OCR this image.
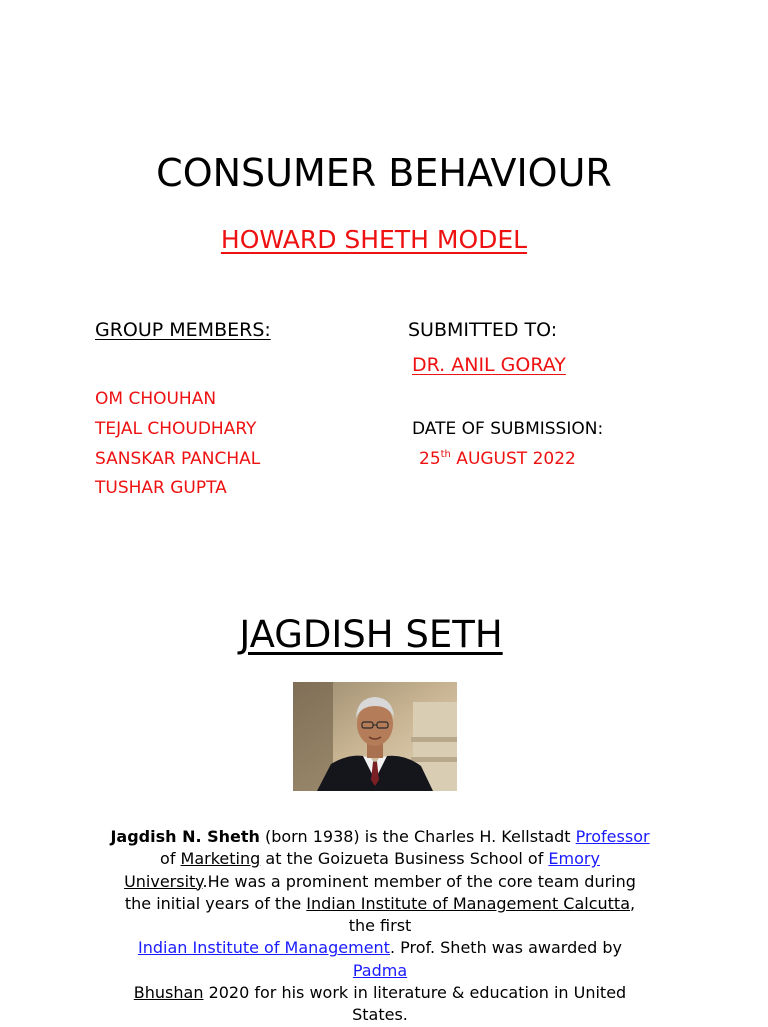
CONSUMER BEHAVIOUR
HOWARD SHETH MODEL
GROUP MEMBERS:	SUBMITTED TO:
DR. ANIL GORAY
OM CHOUHAN
TEJAL CHOUDHARY
SANSKAR PANCHAL
TUSHAR GUPTA
DATE OF SUBMISSION:
25th AUGUST 2022
JAGDISH SETH
Jagdish N. Sheth (born 1938) is the Charles H. Kellstadt Professor of Marketing at the Goizueta Business School of Emory University.He was a prominent member of the core team during the initial years of the Indian Institute of Management Calcutta, the first
Indian Institute of Management. Prof. Sheth was awarded by Padma
Bhushan 2020 for his work in literature & education in United States.
